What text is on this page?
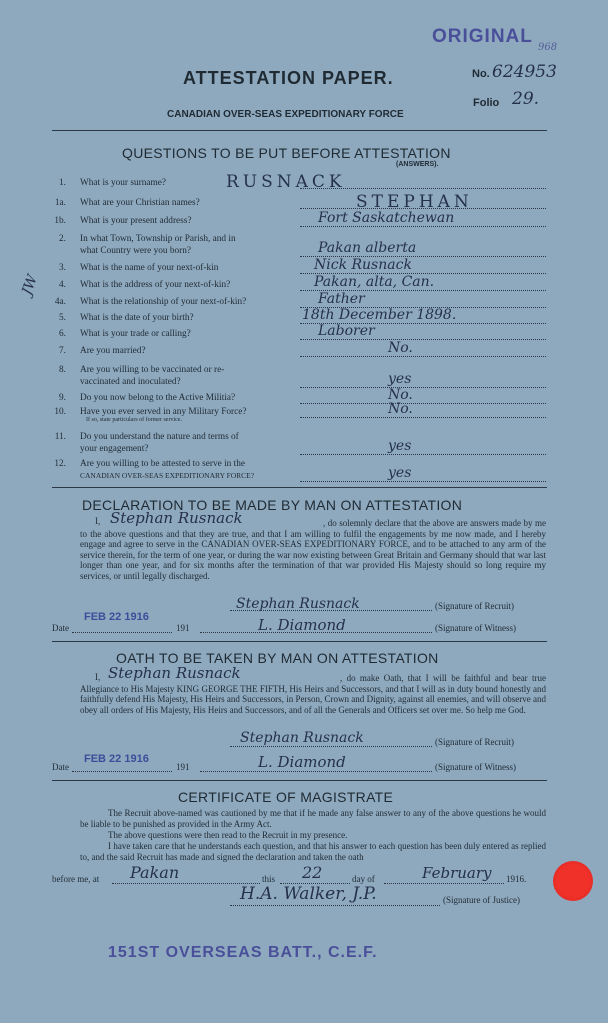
ORIGINAL
968
ATTESTATION PAPER.	No. 624953
Folio 29.
CANADIAN OVER-SEAS EXPEDITIONARY FORCE
QUESTIONS TO BE PUT BEFORE ATTESTATION
(ANSWERS).
JW
1. What is your surname?	RUSNACK
1a. What are your Christian names?	STEPHAN
1b. What is your present address?	Fort Saskatchewan
2. In what Town, Township or Parish, and in
what Country were you born?	Pakan alberta
3. What is the name of your next-of-kin	Nick Rusnack
4. What is the address of your next-of-kin?	Pakan, alta, Can.
4a. What is the relationship of your next-of-kin?	Father
5. What is the date of your birth?	18th December 1898.
6. What is your trade or calling?	Laborer
7. Are you married?	No.
8. Are you willing to be vaccinated or re-
vaccinated and inoculated?	yes
9. Do you now belong to the Active Militia?	No.
10. Have you ever served in any Military Force?
If so, state particulars of former service.
No.
11. Do you understand the nature and terms of
your engagement?	yes
12. Are you willing to be attested to serve in the
CANADIAN OVER-SEAS EXPEDITIONARY FORCE?	yes
DECLARATION TO BE MADE BY MAN ON ATTESTATION
I, Stephan Rusnack	, do solemnly declare that the above are answers made by me to the above questions and that they are true, and that I am willing to fulfil the engagements by me now made, and I hereby engage and agree to serve in the CANADIAN OVER-SEAS EXPEDITIONARY FORCE, and to be attached to any arm of the service therein, for the term of one year, or during the war now existing between Great Britain and Germany should that war last longer than one year, and for six months after the termination of that war provided His Majesty should so long require my services, or until legally discharged.
Stephan Rusnack	(Signature of Recruit)
FEB 22 1916
Date	191	L. Diamond	(Signature of Witness)
OATH TO BE TAKEN BY MAN ON ATTESTATION
I, Stephan Rusnack	, do make Oath, that I will be faithful and bear true Allegiance to His Majesty KING GEORGE THE FIFTH, His Heirs and Successors, and that I will as in duty bound honestly and faithfully defend His Majesty, His Heirs and Successors, in Person, Crown and Dignity, against all enemies, and will observe and obey all orders of His Majesty, His Heirs and Successors, and of all the Generals and Officers set over me. So help me God.
Stephan Rusnack	(Signature of Recruit)
FEB 22 1916
Date	191	L. Diamond	(Signature of Witness)
CERTIFICATE OF MAGISTRATE
The Recruit above-named was cautioned by me that if he made any false answer to any of the above questions he would be liable to be punished as provided in the Army Act.
The above questions were then read to the Recruit in my presence.
I have taken care that he understands each question, and that his answer to each question has been duly entered as replied to, and the said Recruit has made and signed the declaration and taken the oath
before me, at Pakan	this 22	day of	February 1916.
H.A. Walker, J.P.	(Signature of Justice)
151ST OVERSEAS BATT., C.E.F.
